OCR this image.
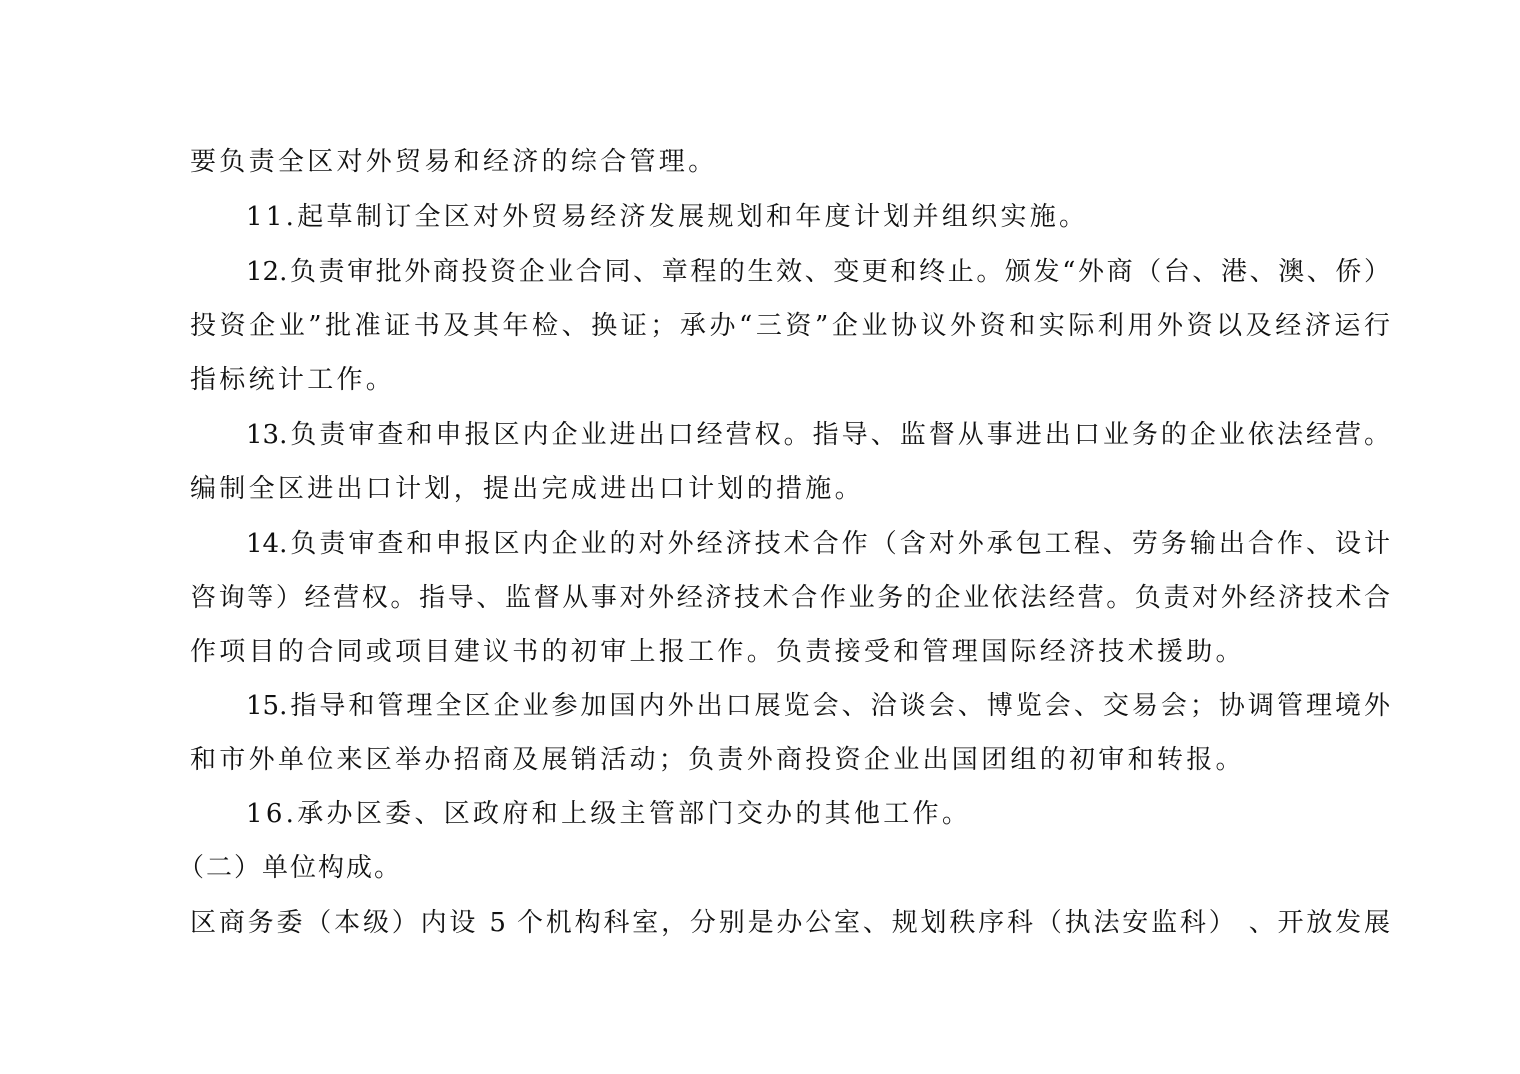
要负责全区对外贸易和经济的综合管理。
11.起草制订全区对外贸易经济发展规划和年度计划并组织实施。
12.负责审批外商投资企业合同、章程的生效、变更和终止。颁发“外商（台、港、澳、侨）
投资企业”批准证书及其年检、换证；承办“三资”企业协议外资和实际利用外资以及经济运行
指标统计工作。
13.负责审查和申报区内企业进出口经营权。指导、监督从事进出口业务的企业依法经营。
编制全区进出口计划，提出完成进出口计划的措施。
14.负责审查和申报区内企业的对外经济技术合作（含对外承包工程、劳务输出合作、设计
咨询等）经营权。指导、监督从事对外经济技术合作业务的企业依法经营。负责对外经济技术合
作项目的合同或项目建议书的初审上报工作。负责接受和管理国际经济技术援助。
15.指导和管理全区企业参加国内外出口展览会、洽谈会、博览会、交易会；协调管理境外
和市外单位来区举办招商及展销活动；负责外商投资企业出国团组的初审和转报。
16.承办区委、区政府和上级主管部门交办的其他工作。
（二）单位构成。
区商务委（本级）内设 5 个机构科室，分别是办公室、规划秩序科（执法安监科） 、开放发展
